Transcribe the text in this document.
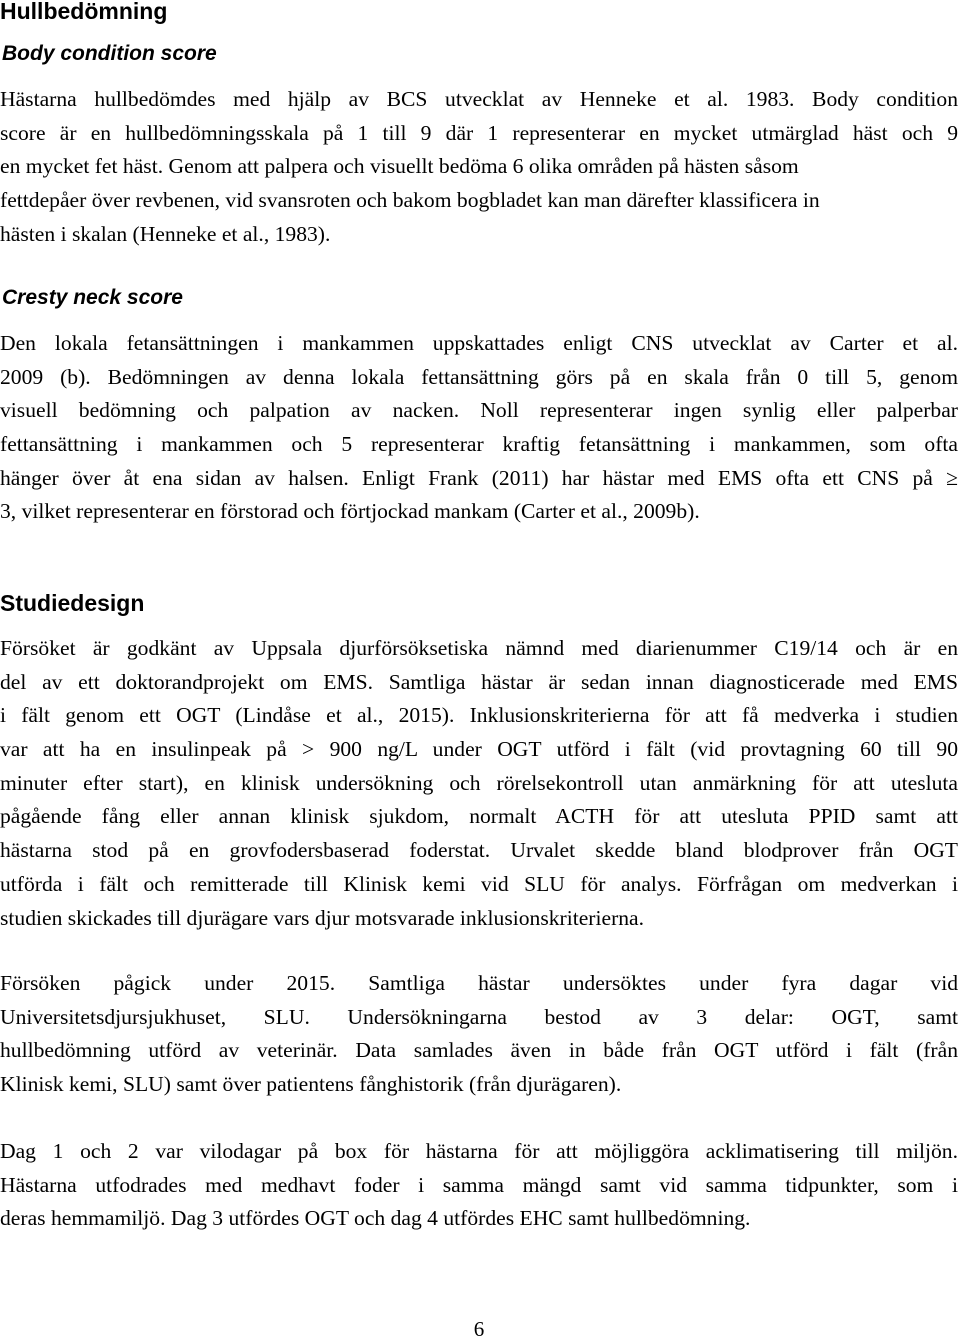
Hullbedömning
Body condition score
Hästarna hullbedömdes med hjälp av BCS utvecklat av Henneke et al. 1983. Body condition
score är en hullbedömningsskala på 1 till 9 där 1 representerar en mycket utmärglad häst och 9
en mycket fet häst. Genom att palpera och visuellt bedöma 6 olika områden på hästen såsom
fettdepåer över revbenen, vid svansroten och bakom bogbladet kan man därefter klassificera in
hästen i skalan (Henneke et al., 1983).
Cresty neck score
Den lokala fetansättningen i mankammen uppskattades enligt CNS utvecklat av Carter et al.
2009 (b). Bedömningen av denna lokala fettansättning görs på en skala från 0 till 5, genom
visuell bedömning och palpation av nacken. Noll representerar ingen synlig eller palperbar
fettansättning i mankammen och 5 representerar kraftig fetansättning i mankammen, som ofta
hänger över åt ena sidan av halsen. Enligt Frank (2011) har hästar med EMS ofta ett CNS på ≥
3, vilket representerar en förstorad och förtjockad mankam (Carter et al., 2009b).
Studiedesign
Försöket är godkänt av Uppsala djurförsöksetiska nämnd med diarienummer C19/14 och är en
del av ett doktorandprojekt om EMS. Samtliga hästar är sedan innan diagnosticerade med EMS
i fält genom ett OGT (Lindåse et al., 2015). Inklusionskriterierna för att få medverka i studien
var att ha en insulinpeak på > 900 ng/L under OGT utförd i fält (vid provtagning 60 till 90
minuter efter start), en klinisk undersökning och rörelsekontroll utan anmärkning för att utesluta
pågående fång eller annan klinisk sjukdom, normalt ACTH för att utesluta PPID samt att
hästarna stod på en grovfodersbaserad foderstat. Urvalet skedde bland blodprover från OGT
utförda i fält och remitterade till Klinisk kemi vid SLU för analys. Förfrågan om medverkan i
studien skickades till djurägare vars djur motsvarade inklusionskriterierna.
Försöken pågick under 2015. Samtliga hästar undersöktes under fyra dagar vid
Universitetsdjursjukhuset, SLU. Undersökningarna bestod av 3 delar: OGT, samt
hullbedömning utförd av veterinär. Data samlades även in både från OGT utförd i fält (från
Klinisk kemi, SLU) samt över patientens fånghistorik (från djurägaren).
Dag 1 och 2 var vilodagar på box för hästarna för att möjliggöra acklimatisering till miljön.
Hästarna utfodrades med medhavt foder i samma mängd samt vid samma tidpunkter, som i
deras hemmamiljö. Dag 3 utfördes OGT och dag 4 utfördes EHC samt hullbedömning.
6
